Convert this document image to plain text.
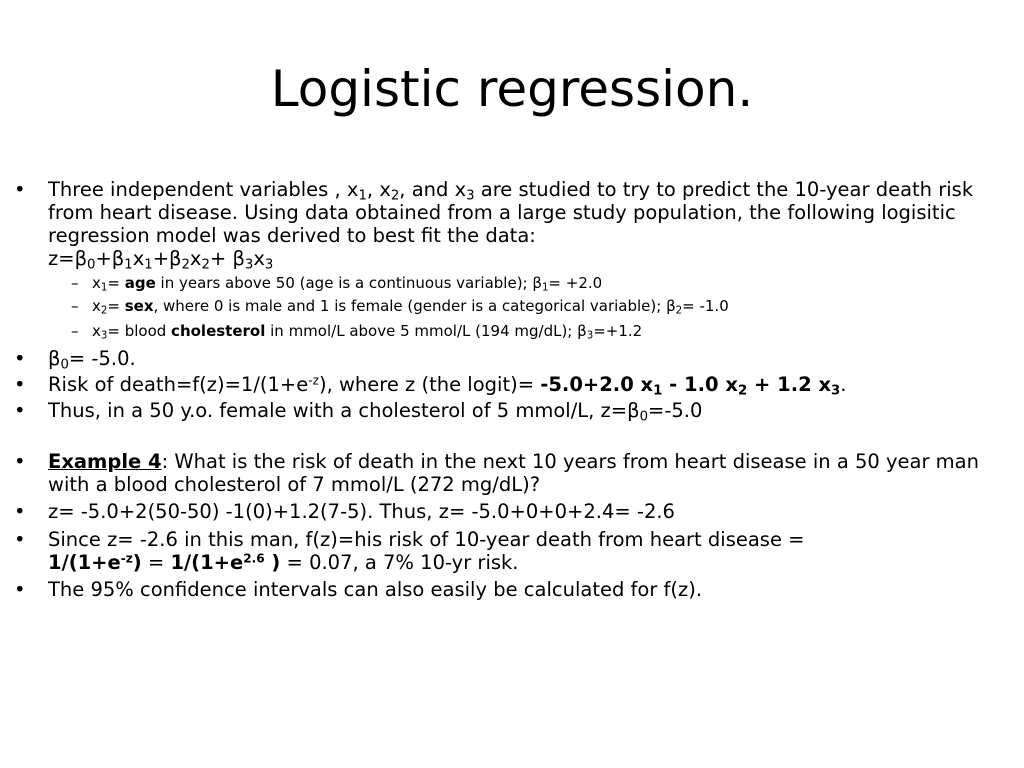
Logistic regression.

• Three independent variables , $x_1$, $x_2$, and $x_3$ are studied to try to predict the 10-year death risk from heart disease. Using data obtained from a large study population, the following logisitic regression model was derived to best fit the data:
$z=\beta_0+\beta_1x_1+\beta_2x_2+ \beta_3x_3$

– $x_1=$ age in years above 50 (age is a continuous variable); $\beta_1= +2.0$

– $x_2=$ sex, where 0 is male and 1 is female (gender is a categorical variable); $\beta_2= -1.0$

– $x_3=$ blood cholesterol in mmol/L above 5 mmol/L (194 mg/dL); $\beta_3=+1.2$

• $\beta_0= -5.0$.

• Risk of $death=f(z)=1/(1+e^{-z})$, where z (the logit)= -5.0+2.0 $x_1 - 1.0$ $x_2 + 1.2$ $x_3$.

• Thus, in a 50 y.o. female with a cholesterol of 5 mmol/L, $z=\beta_0=-5.0$

• Example 4: What is the risk of death in the next 10 years from heart disease in a 50 year man with a blood cholesterol of 7 mmol/L (272 mg/dL)?

• z= -5.0+2(50-50) -1(0)+1.2(7-5). Thus, z= -5.0+0+0+2.4= -2.6

• Since z= -2.6 in this man, f(z)=his risk of 10-year death from heart disease =
$1/(1+e^{-z}) = 1/(1+e^{2.6}$ ) = 0.07, a 7% 10-yr risk.

• The 95% confidence intervals can also easily be calculated for f(z).
